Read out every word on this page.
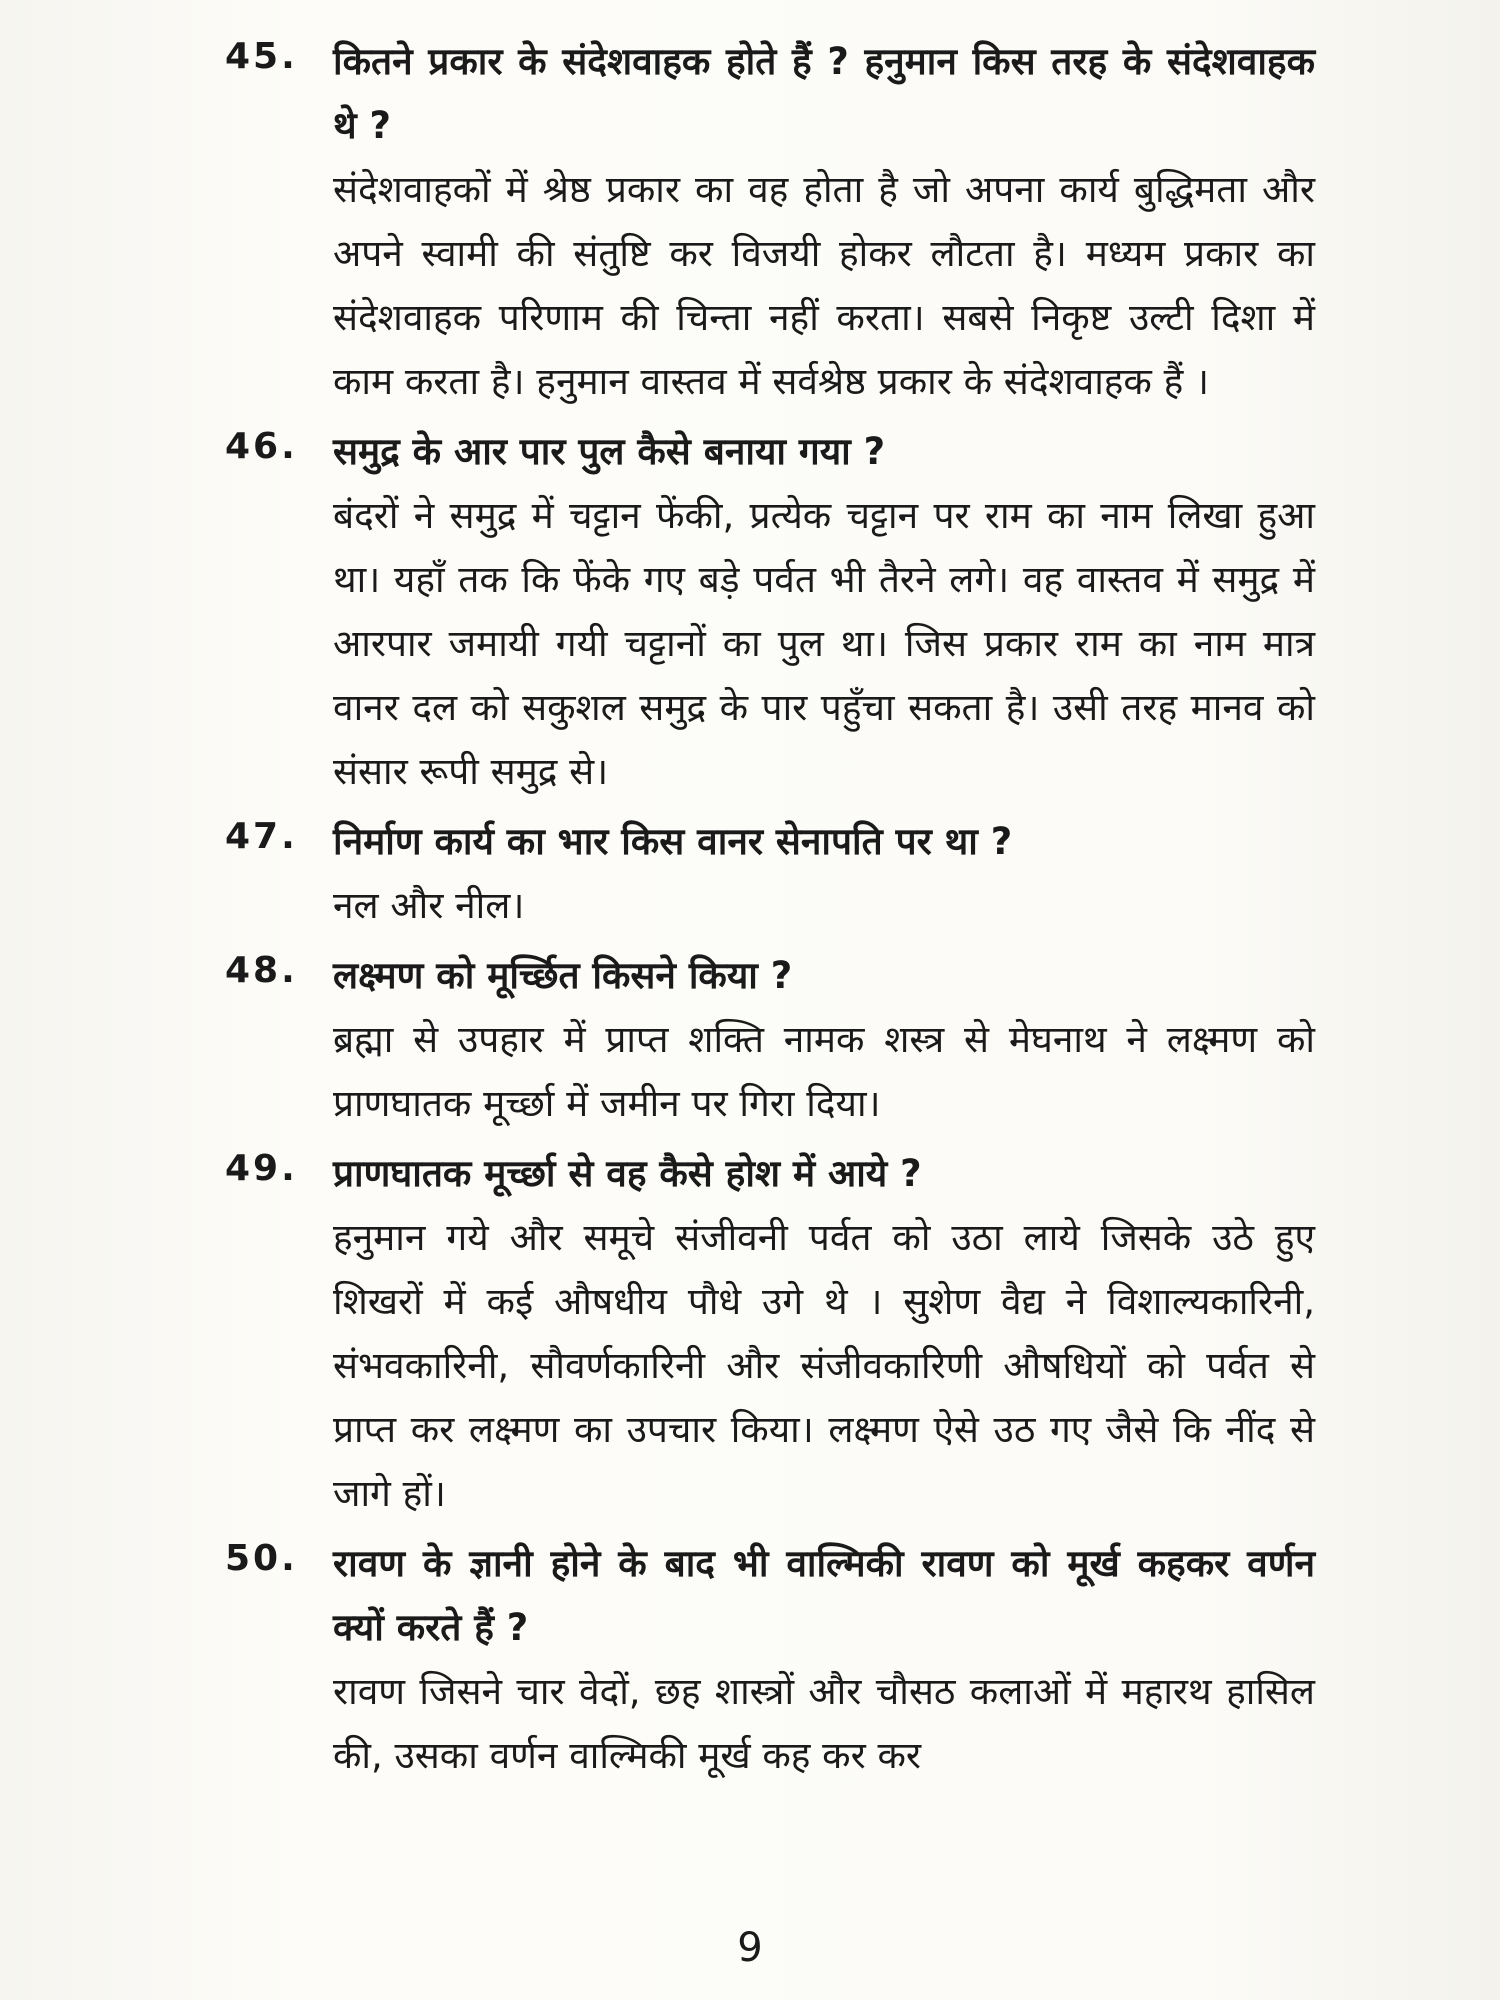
45. कितने प्रकार के संदेशवाहक होते हैं ? हनुमान किस तरह के संदेशवाहक थे ?
संदेशवाहकों में श्रेष्ठ प्रकार का वह होता है जो अपना कार्य बुद्धिमता और अपने स्वामी की संतुष्टि कर विजयी होकर लौटता है। मध्यम प्रकार का संदेशवाहक परिणाम की चिन्ता नहीं करता। सबसे निकृष्ट उल्टी दिशा में काम करता है। हनुमान वास्तव में सर्वश्रेष्ठ प्रकार के संदेशवाहक हैं ।
46. समुद्र के आर पार पुल कैसे बनाया गया ?
बंदरों ने समुद्र में चट्टान फेंकी, प्रत्येक चट्टान पर राम का नाम लिखा हुआ था। यहाँ तक कि फेंके गए बड़े पर्वत भी तैरने लगे। वह वास्तव में समुद्र में आरपार जमायी गयी चट्टानों का पुल था। जिस प्रकार राम का नाम मात्र वानर दल को सकुशल समुद्र के पार पहुँचा सकता है। उसी तरह मानव को संसार रूपी समुद्र से।
47. निर्माण कार्य का भार किस वानर सेनापति पर था ?
नल और नील।
48. लक्ष्मण को मूर्च्छित किसने किया ?
ब्रह्मा से उपहार में प्राप्त शक्ति नामक शस्त्र से मेघनाथ ने लक्ष्मण को प्राणघातक मूर्च्छा में जमीन पर गिरा दिया।
49. प्राणघातक मूर्च्छा से वह कैसे होश में आये ?
हनुमान गये और समूचे संजीवनी पर्वत को उठा लाये जिसके उठे हुए शिखरों में कई औषधीय पौधे उगे थे । सुशेण वैद्य ने विशाल्यकारिनी, संभवकारिनी, सौवर्णकारिनी और संजीवकारिणी औषधियों को पर्वत से प्राप्त कर लक्ष्मण का उपचार किया। लक्ष्मण ऐसे उठ गए जैसे कि नींद से जागे हों।
50. रावण के ज्ञानी होने के बाद भी वाल्मिकी रावण को मूर्ख कहकर वर्णन क्यों करते हैं ?
रावण जिसने चार वेदों, छह शास्त्रों और चौसठ कलाओं में महारथ हासिल की, उसका वर्णन वाल्मिकी मूर्ख कह कर कर
9
